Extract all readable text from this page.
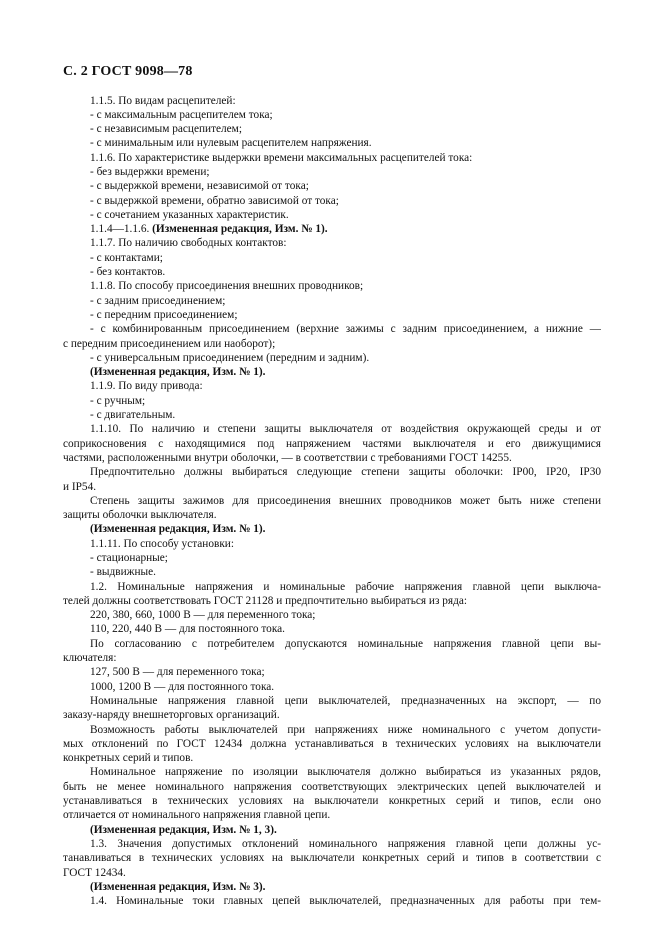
С. 2 ГОСТ 9098—78
1.1.5. По видам расцепителей:
- с максимальным расцепителем тока;
- с независимым расцепителем;
- с минимальным или нулевым расцепителем напряжения.
1.1.6. По характеристике выдержки времени максимальных расцепителей тока:
- без выдержки времени;
- с выдержкой времени, независимой от тока;
- с выдержкой времени, обратно зависимой от тока;
- с сочетанием указанных характеристик.
1.1.4—1.1.6. (Измененная редакция, Изм. № 1).
1.1.7. По наличию свободных контактов:
- с контактами;
- без контактов.
1.1.8. По способу присоединения внешних проводников;
- с задним присоединением;
- с передним присоединением;
- с комбинированным присоединением (верхние зажимы с задним присоединением, а нижние —
с передним присоединением или наоборот);
- с универсальным присоединением (передним и задним).
(Измененная редакция, Изм. № 1).
1.1.9. По виду привода:
- с ручным;
- с двигательным.
1.1.10. По наличию и степени защиты выключателя от воздействия окружающей среды и от
соприкосновения с находящимися под напряжением частями выключателя и его движущимися
частями, расположенными внутри оболочки, — в соответствии с требованиями ГОСТ 14255.
Предпочтительно должны выбираться следующие степени защиты оболочки: IP00, IP20, IP30
и IP54.
Степень защиты зажимов для присоединения внешних проводников может быть ниже степени
защиты оболочки выключателя.
(Измененная редакция, Изм. № 1).
1.1.11. По способу установки:
- стационарные;
- выдвижные.
1.2. Номинальные напряжения и номинальные рабочие напряжения главной цепи выключа-
телей должны соответствовать ГОСТ 21128 и предпочтительно выбираться из ряда:
220, 380, 660, 1000 В — для переменного тока;
110, 220, 440 В — для постоянного тока.
По согласованию с потребителем допускаются номинальные напряжения главной цепи вы-
ключателя:
127, 500 В — для переменного тока;
1000, 1200 В — для постоянного тока.
Номинальные напряжения главной цепи выключателей, предназначенных на экспорт, — по
заказу-наряду внешнеторговых организаций.
Возможность работы выключателей при напряжениях ниже номинального с учетом допусти-
мых отклонений по ГОСТ 12434 должна устанавливаться в технических условиях на выключатели
конкретных серий и типов.
Номинальное напряжение по изоляции выключателя должно выбираться из указанных рядов,
быть не менее номинального напряжения соответствующих электрических цепей выключателей и
устанавливаться в технических условиях на выключатели конкретных серий и типов, если оно
отличается от номинального напряжения главной цепи.
(Измененная редакция, Изм. № 1, 3).
1.3. Значения допустимых отклонений номинального напряжения главной цепи должны ус-
танавливаться в технических условиях на выключатели конкретных серий и типов в соответствии с
ГОСТ 12434.
(Измененная редакция, Изм. № 3).
1.4. Номинальные токи главных цепей выключателей, предназначенных для работы при тем-
